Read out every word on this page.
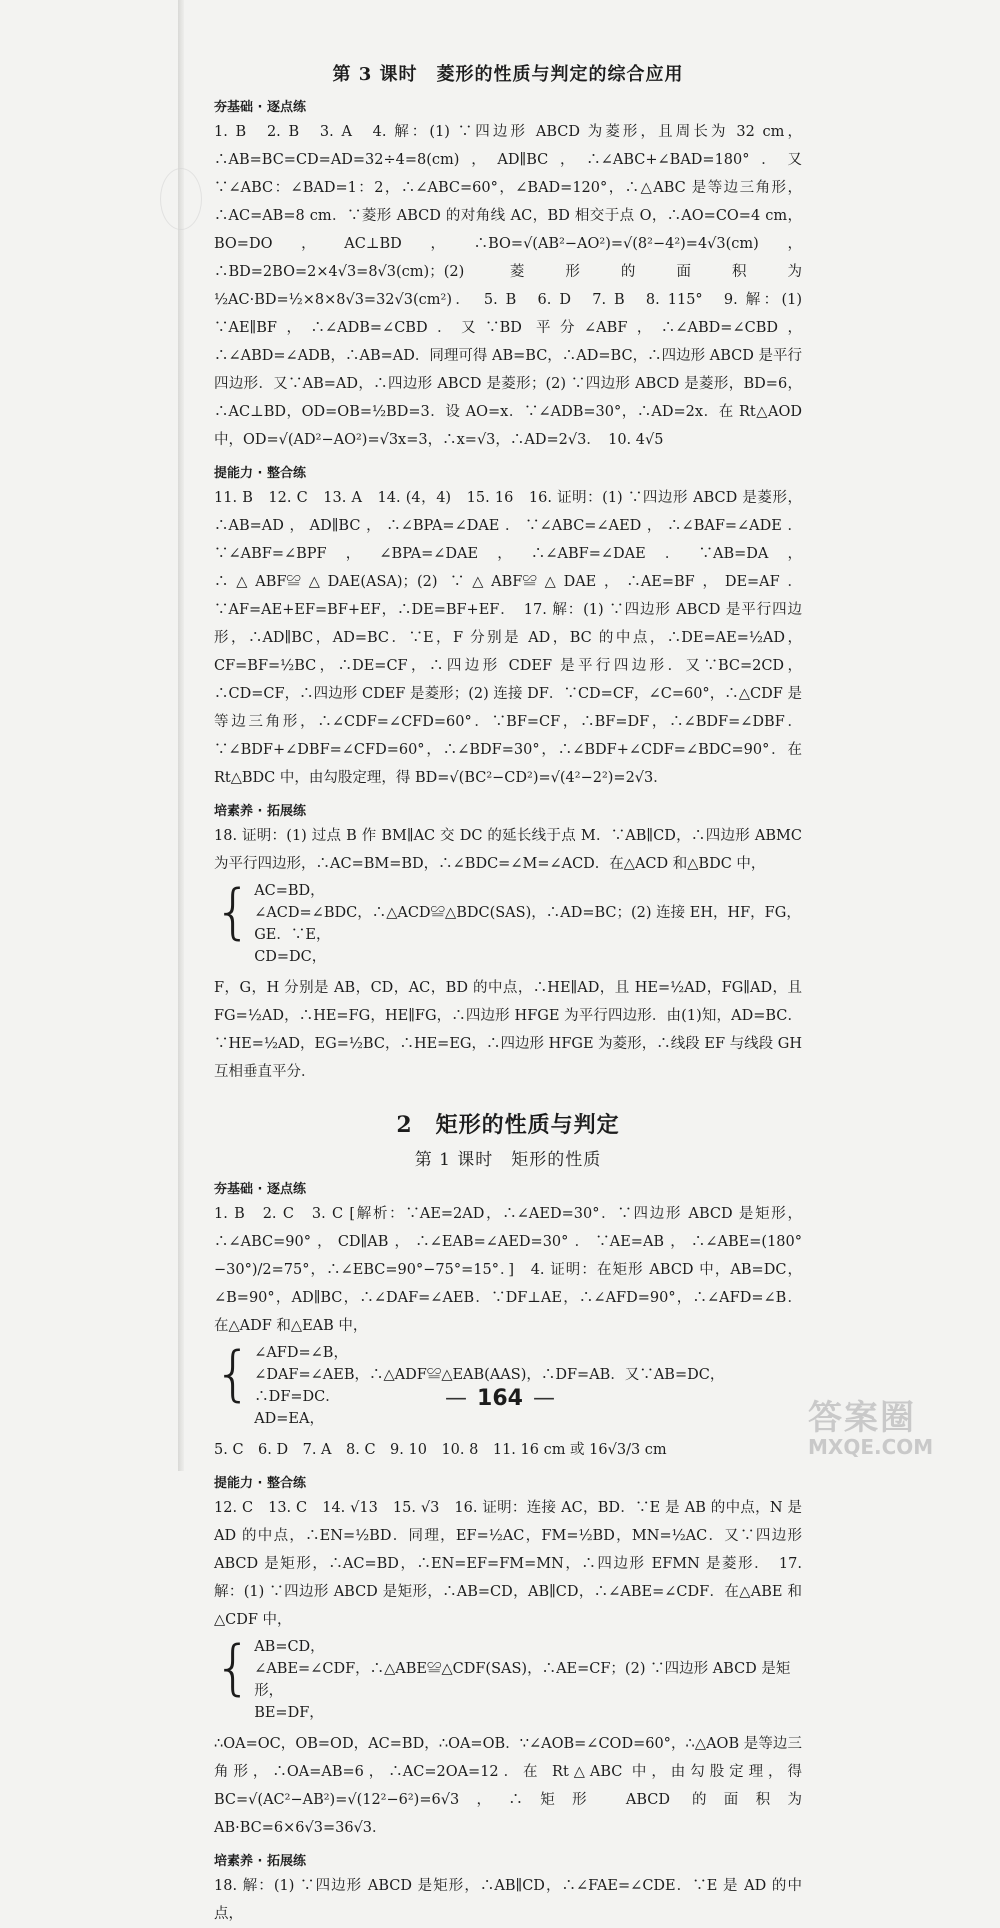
第 3 课时　菱形的性质与判定的综合应用
夯基础 · 逐点练

1. B　2. B　3. A　4. 解：(1) ∵四边形 ABCD 为菱形，且周长为 32 cm，∴AB=BC=CD=AD=32÷4=8(cm)，AD∥BC，∴∠ABC+∠BAD=180°．又∵∠ABC：∠BAD=1：2，∴∠ABC=60°，∠BAD=120°，∴△ABC 是等边三角形，∴AC=AB=8 cm．∵菱形 ABCD 的对角线 AC，BD 相交于点 O，∴AO=CO=4 cm，BO=DO，AC⊥BD，∴BO=√(AB²−AO²)=√(8²−4²)=4√3(cm)，∴BD=2BO=2×4√3=8√3(cm)；(2) 菱形的面积为 ½AC·BD=½×8×8√3=32√3(cm²)．　5. B　6. D　7. B　8. 115°　9. 解：(1) ∵AE∥BF，∴∠ADB=∠CBD．又∵BD 平分∠ABF，∴∠ABD=∠CBD，∴∠ABD=∠ADB，∴AB=AD．同理可得 AB=BC，∴AD=BC，∴四边形 ABCD 是平行四边形．又∵AB=AD，∴四边形 ABCD 是菱形；(2) ∵四边形 ABCD 是菱形，BD=6，∴AC⊥BD，OD=OB=½BD=3．设 AO=x．∵∠ADB=30°，∴AD=2x．在 Rt△AOD 中，OD=√(AD²−AO²)=√3x=3，∴x=√3，∴AD=2√3．　10. 4√5

提能力 · 整合练

11. B　12. C　13. A　14. (4，4)　15. 16　16. 证明：(1) ∵四边形 ABCD 是菱形，∴AB=AD，AD∥BC，∴∠BPA=∠DAE．∵∠ABC=∠AED，∴∠BAF=∠ADE．∵∠ABF=∠BPF，∠BPA=∠DAE，∴∠ABF=∠DAE．∵AB=DA，∴△ABF≌△DAE(ASA)；(2) ∵△ABF≌△DAE，∴AE=BF，DE=AF．∵AF=AE+EF=BF+EF，∴DE=BF+EF．　17. 解：(1) ∵四边形 ABCD 是平行四边形，∴AD∥BC，AD=BC．∵E，F 分别是 AD，BC 的中点，∴DE=AE=½AD，CF=BF=½BC，∴DE=CF，∴四边形 CDEF 是平行四边形．又∵BC=2CD，∴CD=CF，∴四边形 CDEF 是菱形；(2) 连接 DF．∵CD=CF，∠C=60°，∴△CDF 是等边三角形，∴∠CDF=∠CFD=60°．∵BF=CF，∴BF=DF，∴∠BDF=∠DBF．∵∠BDF+∠DBF=∠CFD=60°，∴∠BDF=30°，∴∠BDF+∠CDF=∠BDC=90°．在 Rt△BDC 中，由勾股定理，得 BD=√(BC²−CD²)=√(4²−2²)=2√3．

培素养 · 拓展练

18. 证明：(1) 过点 B 作 BM∥AC 交 DC 的延长线于点 M．∵AB∥CD，∴四边形 ABMC 为平行四边形，∴AC=BM=BD，∴∠BDC=∠M=∠ACD．在△ACD 和△BDC 中，

{ AC=BD，
∠ACD=∠BDC，∴△ACD≌△BDC(SAS)，∴AD=BC；(2) 连接 EH，HF，FG，GE．∵E，
CD=DC，

F，G，H 分别是 AB，CD，AC，BD 的中点，∴HE∥AD，且 HE=½AD，FG∥AD，且 FG=½AD，∴HE=FG，HE∥FG，∴四边形 HFGE 为平行四边形．由(1)知，AD=BC．∵HE=½AD，EG=½BC，∴HE=EG，∴四边形 HFGE 为菱形，∴线段 EF 与线段 GH 互相垂直平分．

2　矩形的性质与判定
第 1 课时　矩形的性质
夯基础 · 逐点练

1. B　2. C　3. C [解析：∵AE=2AD，∴∠AED=30°．∵四边形 ABCD 是矩形，∴∠ABC=90°，CD∥AB，∴∠EAB=∠AED=30°．∵AE=AB，∴∠ABE=(180°−30°)/2=75°，∴∠EBC=90°−75°=15°．]　4. 证明：在矩形 ABCD 中，AB=DC，∠B=90°，AD∥BC，∴∠DAF=∠AEB．∵DF⊥AE，∴∠AFD=90°，∴∠AFD=∠B．在△ADF 和△EAB 中，

{ ∠AFD=∠B，
∠DAF=∠AEB，∴△ADF≌△EAB(AAS)，∴DF=AB．又∵AB=DC，∴DF=DC．
AD=EA，

5. C　6. D　7. A　8. C　9. 10　10. 8　11. 16 cm 或 16√3/3 cm

提能力 · 整合练

12. C　13. C　14. √13　15. √3　16. 证明：连接 AC，BD．∵E 是 AB 的中点，N 是 AD 的中点，∴EN=½BD．同理，EF=½AC，FM=½BD，MN=½AC．又∵四边形 ABCD 是矩形，∴AC=BD，∴EN=EF=FM=MN，∴四边形 EFMN 是菱形．　17. 解：(1) ∵四边形 ABCD 是矩形，∴AB=CD，AB∥CD，∴∠ABE=∠CDF．在△ABE 和△CDF 中，

{ AB=CD，
∠ABE=∠CDF，∴△ABE≌△CDF(SAS)，∴AE=CF；(2) ∵四边形 ABCD 是矩形，
BE=DF，

∴OA=OC，OB=OD，AC=BD，∴OA=OB．∵∠AOB=∠COD=60°，∴△AOB 是等边三角形，∴OA=AB=6，∴AC=2OA=12．在 Rt△ABC 中，由勾股定理，得 BC=√(AC²−AB²)=√(12²−6²)=6√3，∴矩形 ABCD 的面积为 AB·BC=6×6√3=36√3．

培素养 · 拓展练

18. 解：(1) ∵四边形 ABCD 是矩形，∴AB∥CD，∴∠FAE=∠CDE．∵E 是 AD 的中点，

— 164 —	答案圈
MXQE.COM
